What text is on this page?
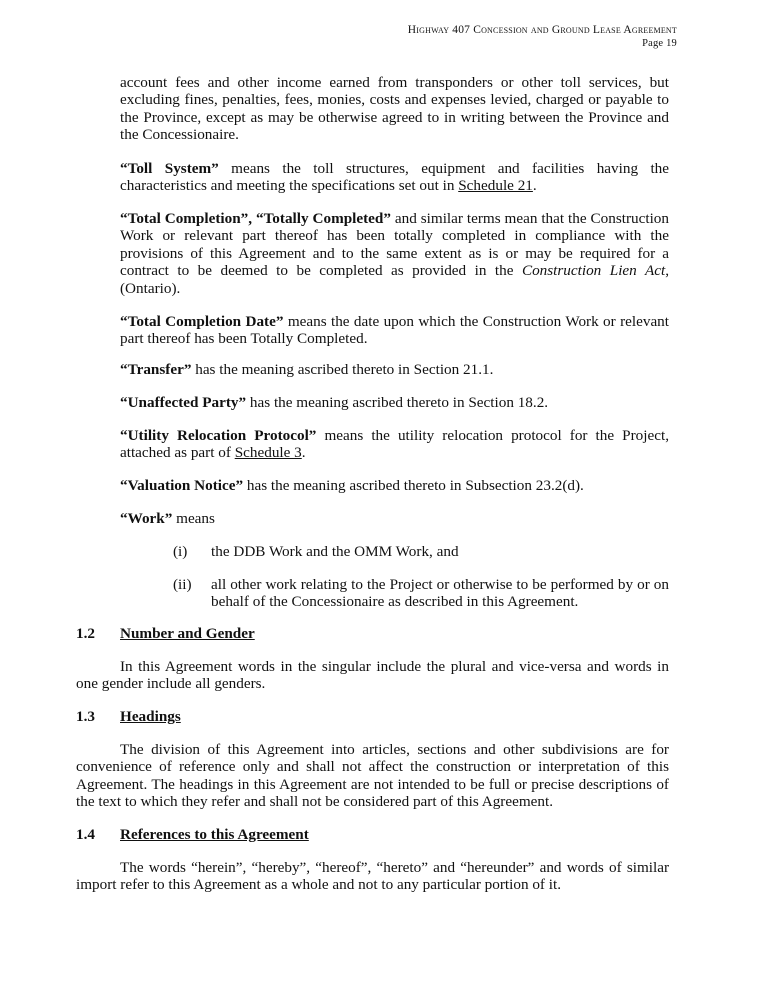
Highway 407 Concession and Ground Lease Agreement
Page 19

account fees and other income earned from transponders or other toll services, but excluding fines, penalties, fees, monies, costs and expenses levied, charged or payable to the Province, except as may be otherwise agreed to in writing between the Province and the Concessionaire.

“Toll System” means the toll structures, equipment and facilities having the characteristics and meeting the specifications set out in Schedule 21.

“Total Completion”, “Totally Completed” and similar terms mean that the Construction Work or relevant part thereof has been totally completed in compliance with the provisions of this Agreement and to the same extent as is or may be required for a contract to be deemed to be completed as provided in the Construction Lien Act, (Ontario).

“Total Completion Date” means the date upon which the Construction Work or relevant part thereof has been Totally Completed.

“Transfer” has the meaning ascribed thereto in Section 21.1.

“Unaffected Party” has the meaning ascribed thereto in Section 18.2.

“Utility Relocation Protocol” means the utility relocation protocol for the Project, attached as part of Schedule 3.

“Valuation Notice” has the meaning ascribed thereto in Subsection 23.2(d).

“Work” means

(i)	the DDB Work and the OMM Work, and
(ii)	all other work relating to the Project or otherwise to be performed by or on behalf of the Concessionaire as described in this Agreement.
1.2 Number and Gender

In this Agreement words in the singular include the plural and vice-versa and words in one gender include all genders.

1.3 Headings

The division of this Agreement into articles, sections and other subdivisions are for convenience of reference only and shall not affect the construction or interpretation of this Agreement. The headings in this Agreement are not intended to be full or precise descriptions of the text to which they refer and shall not be considered part of this Agreement.

1.4 References to this Agreement

The words “herein”, “hereby”, “hereof”, “hereto” and “hereunder” and words of similar import refer to this Agreement as a whole and not to any particular portion of it.
